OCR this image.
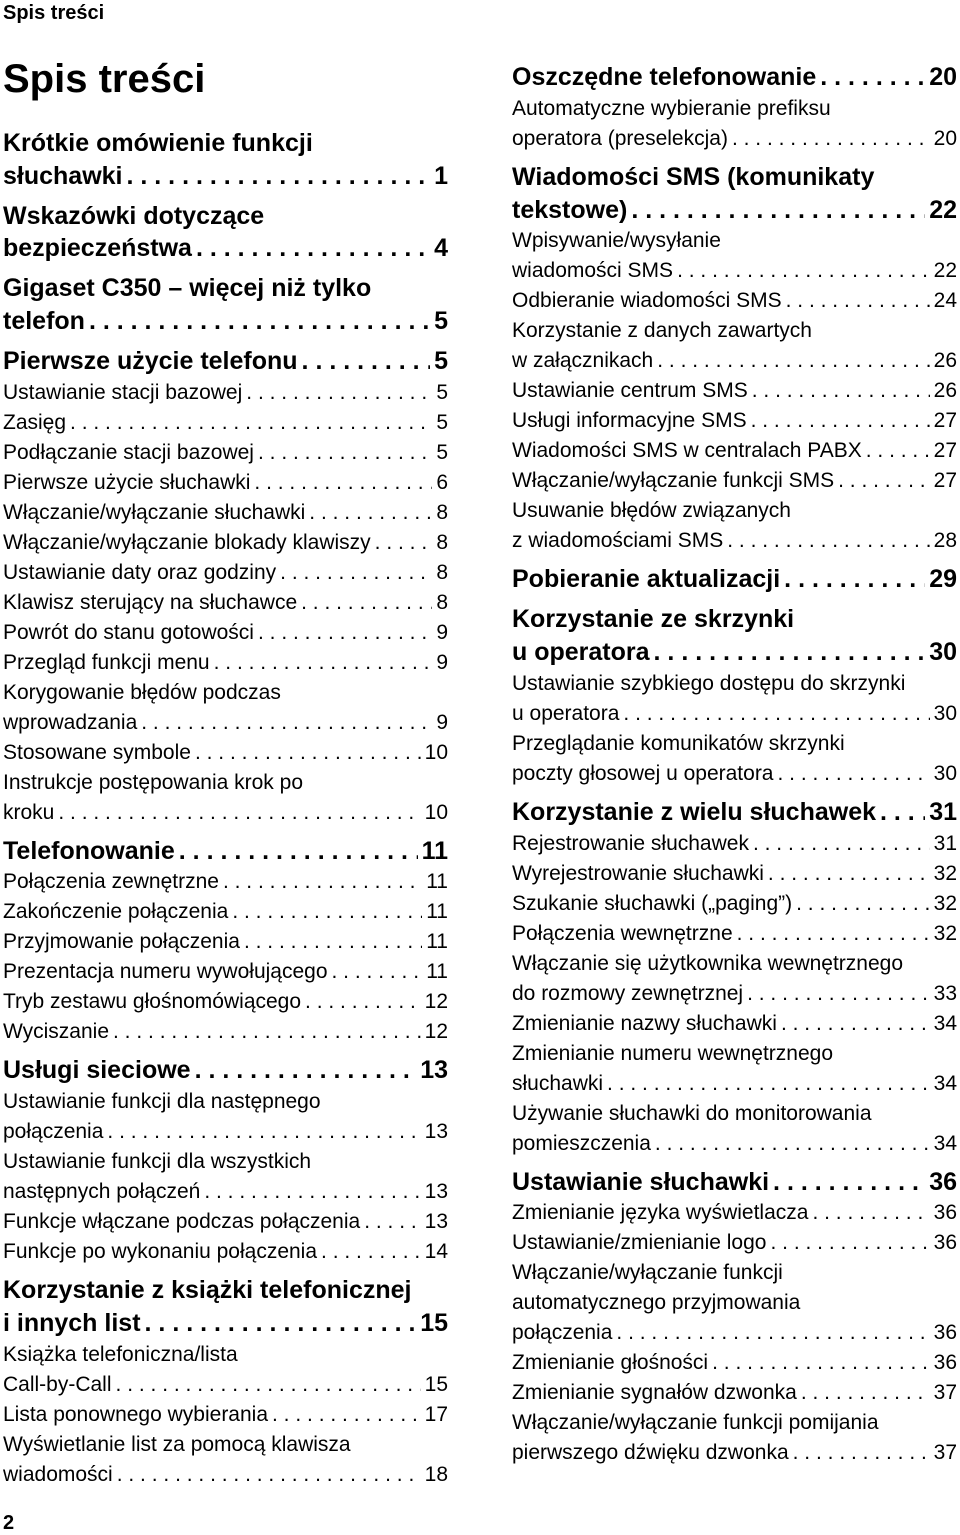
Spis treści
Spis treści
Krótkie omówienie funkcji
słuchawki . . .	1
Wskazówki dotyczące
bezpieczeństwa . . .	4
Gigaset C350 – więcej niż tylko
telefon . . .	5
Pierwsze użycie telefonu . . .	5
Ustawianie stacji bazowej . . .	5
Zasięg . . .	5
Podłączanie stacji bazowej . . .	5
Pierwsze użycie słuchawki . . .	6
Włączanie/wyłączanie słuchawki . . .	8
Włączanie/wyłączanie blokady klawiszy . . .	8
Ustawianie daty oraz godziny . . .	8
Klawisz sterujący na słuchawce . . .	8
Powrót do stanu gotowości . . .	9
Przegląd funkcji menu . . .	9
Korygowanie błędów podczas
wprowadzania . . .	9
Stosowane symbole . . .	10
Instrukcje postępowania krok po
kroku . . .	10
Telefonowanie . . .	11
Połączenia zewnętrzne . . .	11
Zakończenie połączenia . . .	11
Przyjmowanie połączenia . . .	11
Prezentacja numeru wywołującego . . .	11
Tryb zestawu głośnomówiącego . . .	12
Wyciszanie . . .	12
Usługi sieciowe . . .	13
Ustawianie funkcji dla następnego
połączenia . . .	13
Ustawianie funkcji dla wszystkich
następnych połączeń . . .	13
Funkcje włączane podczas połączenia . . .	13
Funkcje po wykonaniu połączenia . . .	14
Korzystanie z książki telefonicznej
i innych list . . .	15
Książka telefoniczna/lista
Call-by-Call . . .	15
Lista ponownego wybierania . . .	17
Wyświetlanie list za pomocą klawisza
wiadomości . . .	18
Oszczędne telefonowanie . . .	20
Automatyczne wybieranie prefiksu
operatora (preselekcja) . . .	20
Wiadomości SMS (komunikaty
tekstowe) . . .	22
Wpisywanie/wysyłanie
wiadomości SMS . . .	22
Odbieranie wiadomości SMS . . .	24
Korzystanie z danych zawartych
w załącznikach . . .	26
Ustawianie centrum SMS . . .	26
Usługi informacyjne SMS . . .	27
Wiadomości SMS w centralach PABX . . .	27
Włączanie/wyłączanie funkcji SMS . . .	27
Usuwanie błędów związanych
z wiadomościami SMS . . .	28
Pobieranie aktualizacji . . .	29
Korzystanie ze skrzynki
u operatora . . .	30
Ustawianie szybkiego dostępu do skrzynki
u operatora . . .	30
Przeglądanie komunikatów skrzynki
poczty głosowej u operatora . . .	30
Korzystanie z wielu słuchawek . . . 31
Rejestrowanie słuchawek . . .	31
Wyrejestrowanie słuchawki . . .	32
Szukanie słuchawki („paging”) . . .	32
Połączenia wewnętrzne . . .	32
Włączanie się użytkownika wewnętrznego
do rozmowy zewnętrznej . . .	33
Zmienianie nazwy słuchawki . . .	34
Zmienianie numeru wewnętrznego
słuchawki . . .	34
Używanie słuchawki do monitorowania
pomieszczenia . . .	34
Ustawianie słuchawki . . .	36
Zmienianie języka wyświetlacza . . .	36
Ustawianie/zmienianie logo . . .	36
Włączanie/wyłączanie funkcji
automatycznego przyjmowania
połączenia . . .	36
Zmienianie głośności . . .	36
Zmienianie sygnałów dzwonka . . .	37
Włączanie/wyłączanie funkcji pomijania
pierwszego dźwięku dzwonka . . .	37
2
